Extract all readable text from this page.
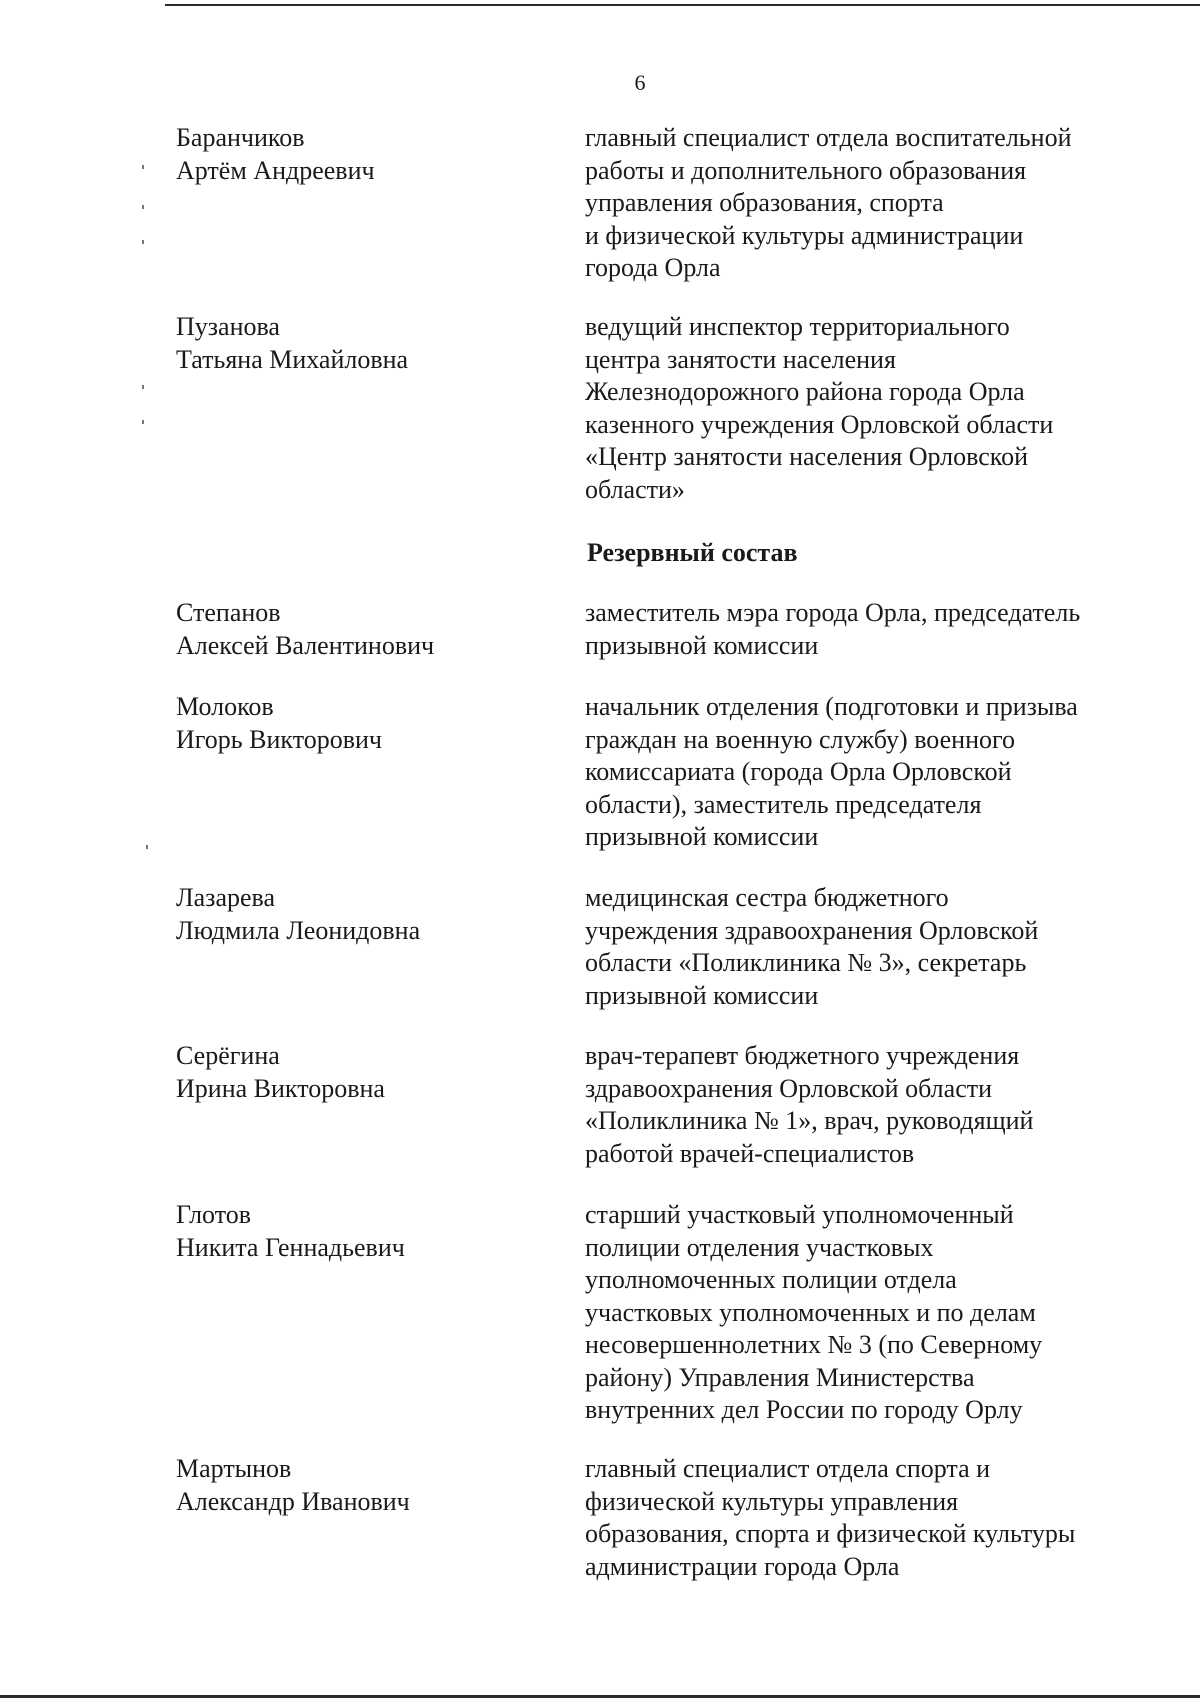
6
Баранчиков
Артём Андреевич
главный специалист отдела воспитательной
работы и дополнительного образования
управления образования, спорта
и физической культуры администрации
города Орла
Пузанова
Татьяна Михайловна
ведущий инспектор территориального
центра занятости населения
Железнодорожного района города Орла
казенного учреждения Орловской области
«Центр занятости населения Орловской
области»
Резервный состав
Степанов
Алексей Валентинович
заместитель мэра города Орла, председатель
призывной комиссии
Молоков
Игорь Викторович
начальник отделения (подготовки и призыва
граждан на военную службу) военного
комиссариата (города Орла Орловской
области), заместитель председателя
призывной комиссии
Лазарева
Людмила Леонидовна
медицинская сестра бюджетного
учреждения здравоохранения Орловской
области «Поликлиника № 3», секретарь
призывной комиссии
Серёгина
Ирина Викторовна
врач-терапевт бюджетного учреждения
здравоохранения Орловской области
«Поликлиника № 1», врач, руководящий
работой врачей-специалистов
Глотов
Никита Геннадьевич
старший участковый уполномоченный
полиции отделения участковых
уполномоченных полиции отдела
участковых уполномоченных и по делам
несовершеннолетних № 3 (по Северному
району) Управления Министерства
внутренних дел России по городу Орлу
Мартынов
Александр Иванович
главный специалист отдела спорта и
физической культуры управления
образования, спорта и физической культуры
администрации города Орла
